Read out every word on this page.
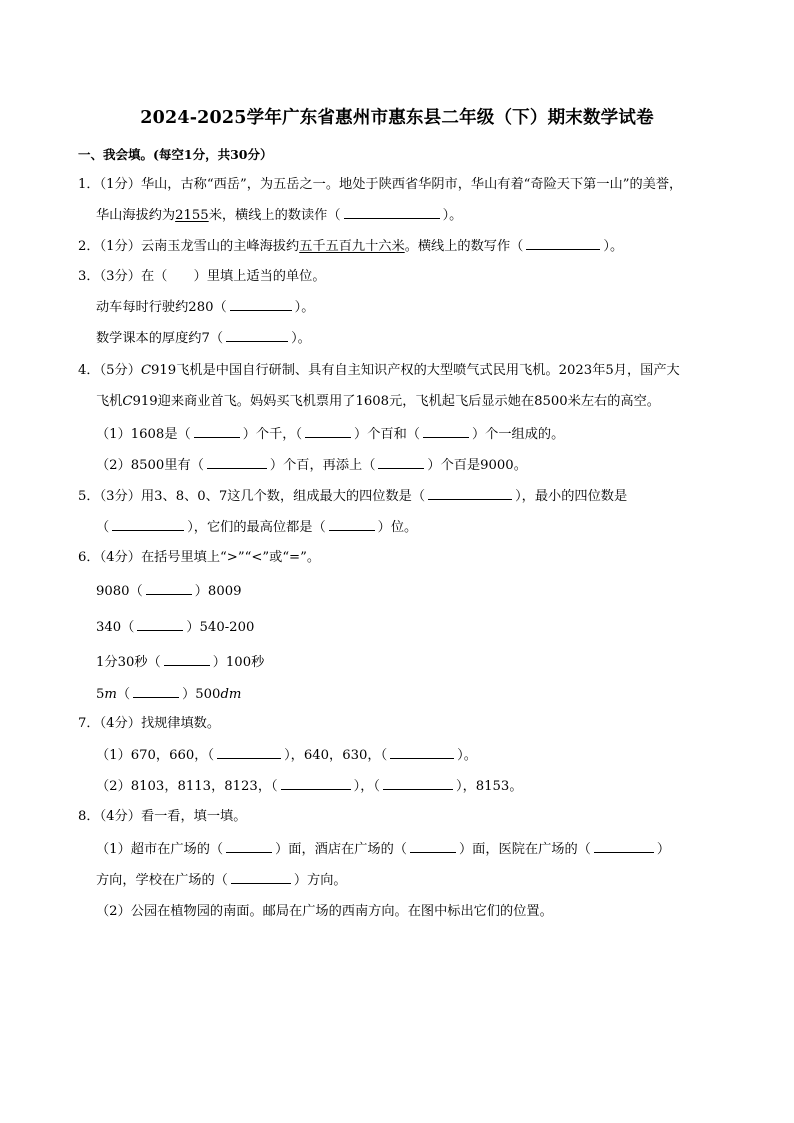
2024-2025学年广东省惠州市惠东县二年级（下）期末数学试卷
一、我会填。(每空1分，共30分）
1．（1分）华山，古称“西岳”，为五岳之一。地处于陕西省华阴市，华山有着“奇险天下第一山”的美誉，
华山海拔约为2155米，横线上的数读作（	）。
2．（1分）云南玉龙雪山的主峰海拔约五千五百九十六米。横线上的数写作（	）。
3．（3分）在（　　）里填上适当的单位。
动车每时行驶约280（	）。
数学课本的厚度约7（	）。
4．（5分）C919飞机是中国自行研制、具有自主知识产权的大型喷气式民用飞机。2023年5月，国产大
飞机C919迎来商业首飞。妈妈买飞机票用了1608元，飞机起飞后显示她在8500米左右的高空。
（1）1608是（	）个千，（	）个百和（	）个一组成的。
（2）8500里有（	）个百，再添上（	）个百是9000。
5．（3分）用3、8、0、7这几个数，组成最大的四位数是（	），最小的四位数是
（	），它们的最高位都是（	）位。
6．（4分）在括号里填上“>”“<”或“=”。
9080（	）8009
340（	）540-200
1分30秒（	）100秒
5m（	）500dm
7．（4分）找规律填数。
（1）670，660，（	），640，630，（	）。
（2）8103，8113，8123，（	），（	），8153。
8．（4分）看一看，填一填。
（1）超市在广场的（	）面，酒店在广场的（	）面，医院在广场的（	）
方向，学校在广场的（	）方向。
（2）公园在植物园的南面。邮局在广场的西南方向。在图中标出它们的位置。
